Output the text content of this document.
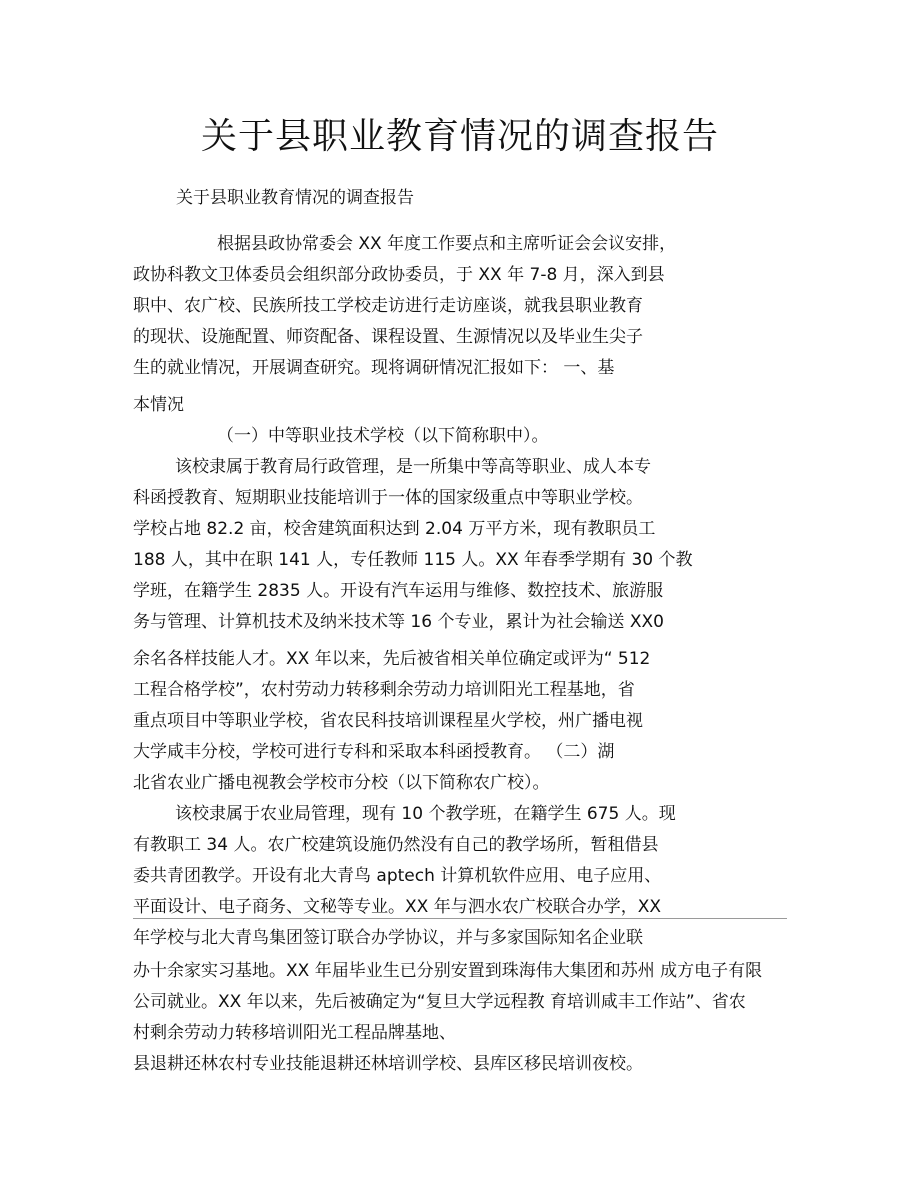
关于县职业教育情况的调查报告
关于县职业教育情况的调查报告
根据县政协常委会 XX 年度工作要点和主席听证会会议安排，
政协科教文卫体委员会组织部分政协委员，于 XX 年 7-8 月，深入到县
职中、农广校、民族所技工学校走访进行走访座谈，就我县职业教育
的现状、设施配置、师资配备、课程设置、生源情况以及毕业生尖子
生的就业情况，开展调查研究。现将调研情况汇报如下： 一、基
本情况
（一）中等职业技术学校（以下简称职中）。
该校隶属于教育局行政管理，是一所集中等高等职业、成人本专
科函授教育、短期职业技能培训于一体的国家级重点中等职业学校。
学校占地 82.2 亩，校舍建筑面积达到 2.04 万平方米，现有教职员工
188 人，其中在职 141 人，专任教师 115 人。XX 年春季学期有 30 个教
学班，在籍学生 2835 人。开设有汽车运用与维修、数控技术、旅游服
务与管理、计算机技术及纳米技术等 16 个专业，累计为社会输送 XX0
余名各样技能人才。XX 年以来，先后被省相关单位确定或评为“ 512
工程合格学校”，农村劳动力转移剩余劳动力培训阳光工程基地，省
重点项目中等职业学校，省农民科技培训课程星火学校，州广播电视
大学咸丰分校，学校可进行专科和采取本科函授教育。 （二）湖
北省农业广播电视教会学校市分校（以下简称农广校）。
该校隶属于农业局管理，现有 10 个教学班，在籍学生 675 人。现
有教职工 34 人。农广校建筑设施仍然没有自己的教学场所，暂租借县
委共青团教学。开设有北大青鸟 aptech 计算机软件应用、电子应用、
平面设计、电子商务、文秘等专业。XX 年与泗水农广校联合办学，XX
年学校与北大青鸟集团签订联合办学协议，并与多家国际知名企业联
办十余家实习基地。XX 年届毕业生已分别安置到珠海伟大集团和苏州 成方电子有限
公司就业。XX 年以来，先后被确定为“复旦大学远程教 育培训咸丰工作站”、省农
村剩余劳动力转移培训阳光工程品牌基地、
县退耕还林农村专业技能退耕还林培训学校、县库区移民培训夜校。
